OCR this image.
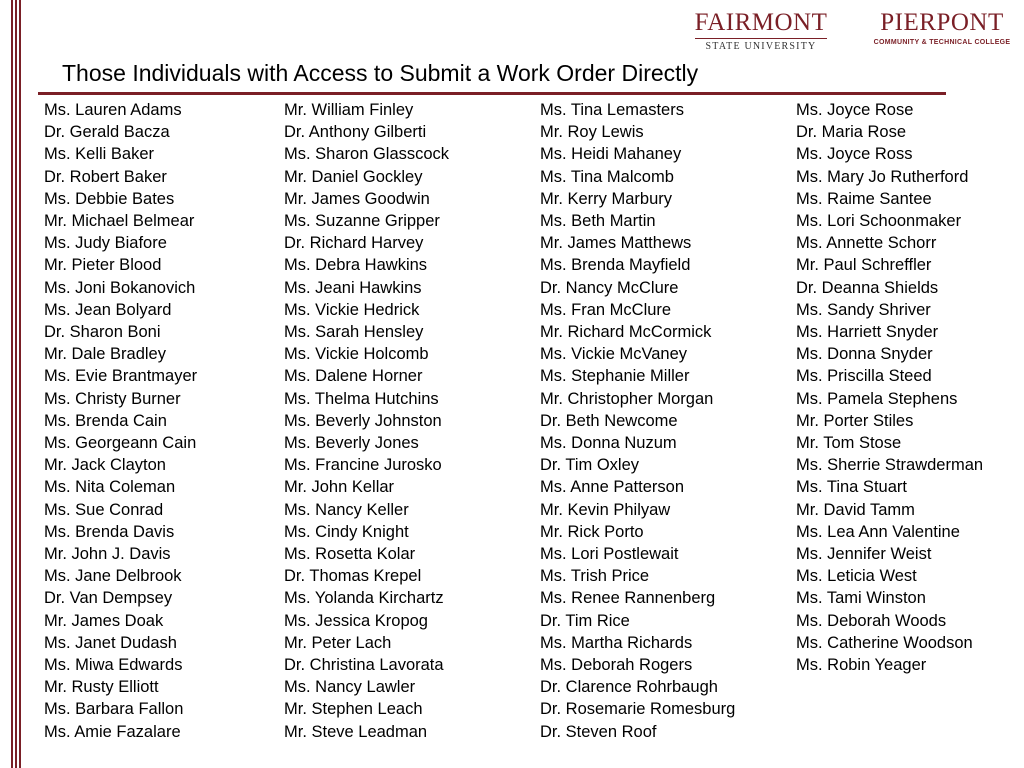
FAIRMONT
STATE UNIVERSITY
PIERPONT
COMMUNITY & TECHNICAL COLLEGE
Those Individuals with Access to Submit a Work Order Directly
Ms. Lauren Adams
Dr. Gerald Bacza
Ms. Kelli Baker
Dr. Robert Baker
Ms. Debbie Bates
Mr. Michael Belmear
Ms. Judy Biafore
Mr. Pieter Blood
Ms. Joni Bokanovich
Ms. Jean Bolyard
Dr. Sharon Boni
Mr. Dale Bradley
Ms. Evie Brantmayer
Ms. Christy Burner
Ms. Brenda Cain
Ms. Georgeann Cain
Mr. Jack Clayton
Ms. Nita Coleman
Ms. Sue Conrad
Ms. Brenda Davis
Mr. John J. Davis
Ms. Jane Delbrook
Dr. Van Dempsey
Mr. James Doak
Ms. Janet Dudash
Ms. Miwa Edwards
Mr. Rusty Elliott
Ms. Barbara Fallon
Ms. Amie Fazalare
Mr. William Finley
Dr. Anthony Gilberti
Ms. Sharon Glasscock
Mr. Daniel Gockley
Mr. James Goodwin
Ms. Suzanne Gripper
Dr. Richard Harvey
Ms. Debra Hawkins
Ms. Jeani Hawkins
Ms. Vickie Hedrick
Ms. Sarah Hensley
Ms. Vickie Holcomb
Ms. Dalene Horner
Ms. Thelma Hutchins
Ms. Beverly Johnston
Ms. Beverly Jones
Ms. Francine Jurosko
Mr. John Kellar
Ms. Nancy Keller
Ms. Cindy Knight
Ms. Rosetta Kolar
Dr. Thomas Krepel
Ms. Yolanda Kirchartz
Ms. Jessica Kropog
Mr. Peter Lach
Dr. Christina Lavorata
Ms. Nancy Lawler
Mr. Stephen Leach
Mr. Steve Leadman
Ms. Tina Lemasters
Mr. Roy Lewis
Ms. Heidi Mahaney
Ms. Tina Malcomb
Mr. Kerry Marbury
Ms. Beth Martin
Mr. James Matthews
Ms. Brenda Mayfield
Dr. Nancy McClure
Ms. Fran McClure
Mr. Richard McCormick
Ms. Vickie McVaney
Ms. Stephanie Miller
Mr. Christopher Morgan
Dr. Beth Newcome
Ms. Donna Nuzum
Dr. Tim Oxley
Ms. Anne Patterson
Mr. Kevin Philyaw
Mr. Rick Porto
Ms. Lori Postlewait
Ms. Trish Price
Ms. Renee Rannenberg
Dr. Tim Rice
Ms. Martha Richards
Ms. Deborah Rogers
Dr. Clarence Rohrbaugh
Dr. Rosemarie Romesburg
Dr. Steven Roof
Ms. Joyce Rose
Dr. Maria Rose
Ms. Joyce Ross
Ms. Mary Jo Rutherford
Ms. Raime Santee
Ms. Lori Schoonmaker
Ms. Annette Schorr
Mr. Paul Schreffler
Dr. Deanna Shields
Ms. Sandy Shriver
Ms. Harriett Snyder
Ms. Donna Snyder
Ms. Priscilla Steed
Ms. Pamela Stephens
Mr. Porter Stiles
Mr. Tom Stose
Ms. Sherrie Strawderman
Ms. Tina Stuart
Mr. David Tamm
Ms. Lea Ann Valentine
Ms. Jennifer Weist
Ms. Leticia West
Ms. Tami Winston
Ms. Deborah Woods
Ms. Catherine Woodson
Ms. Robin Yeager
